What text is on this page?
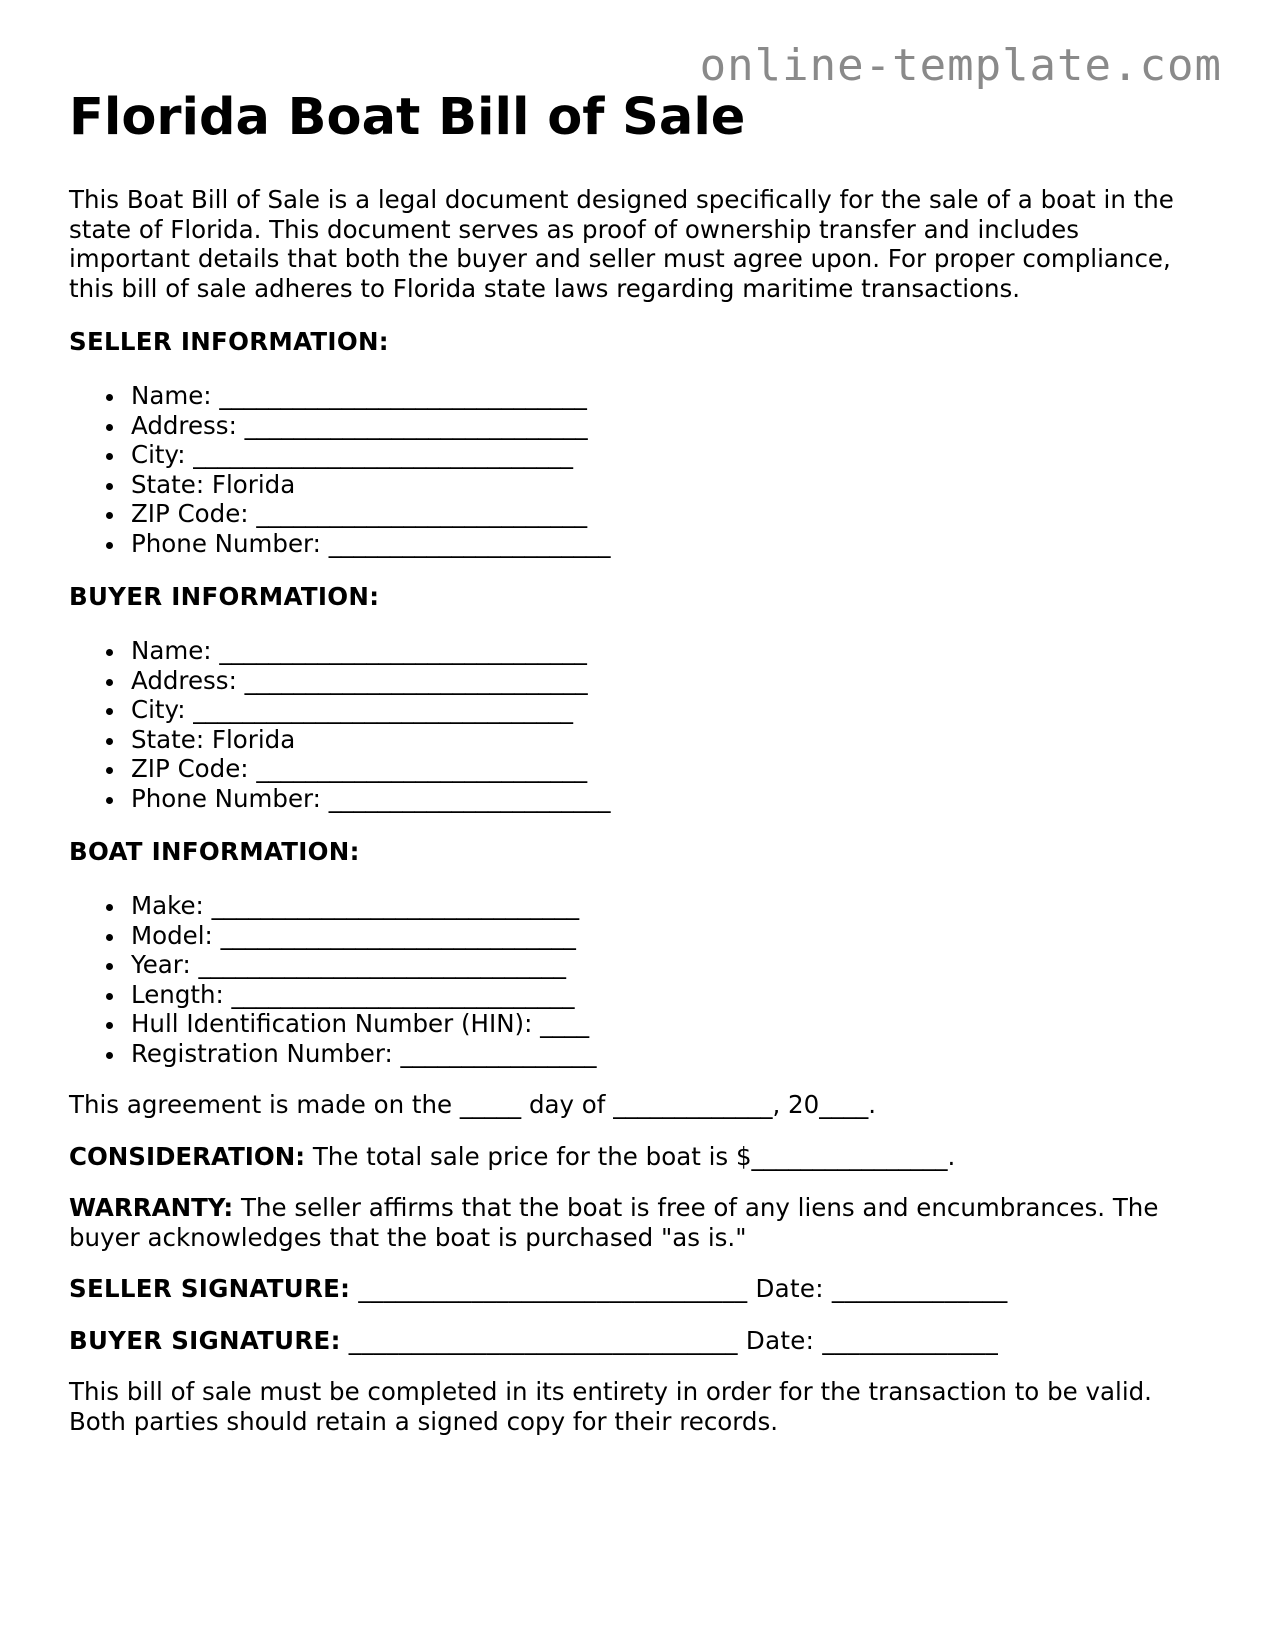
online-template.com
Florida Boat Bill of Sale

This Boat Bill of Sale is a legal document designed specifically for the sale of a boat in the state of Florida. This document serves as proof of ownership transfer and includes important details that both the buyer and seller must agree upon. For proper compliance, this bill of sale adheres to Florida state laws regarding maritime transactions.

SELLER INFORMATION:
Name: ______________________________
Address: ____________________________
City: _______________________________
State: Florida
ZIP Code: ___________________________
Phone Number: _______________________
BUYER INFORMATION:
Name: ______________________________
Address: ____________________________
City: _______________________________
State: Florida
ZIP Code: ___________________________
Phone Number: _______________________
BOAT INFORMATION:
Make: ______________________________
Model: _____________________________
Year: ______________________________
Length: ____________________________
Hull Identification Number (HIN): ____
Registration Number: ________________

This agreement is made on the _____ day of _____________, 20____.

CONSIDERATION: The total sale price for the boat is $________________.

WARRANTY: The seller affirms that the boat is free of any liens and encumbrances. The buyer acknowledges that the boat is purchased "as is."

SELLER SIGNATURE: _______________________________ Date: ______________

BUYER SIGNATURE: _______________________________ Date: ______________

This bill of sale must be completed in its entirety in order for the transaction to be valid. Both parties should retain a signed copy for their records.
